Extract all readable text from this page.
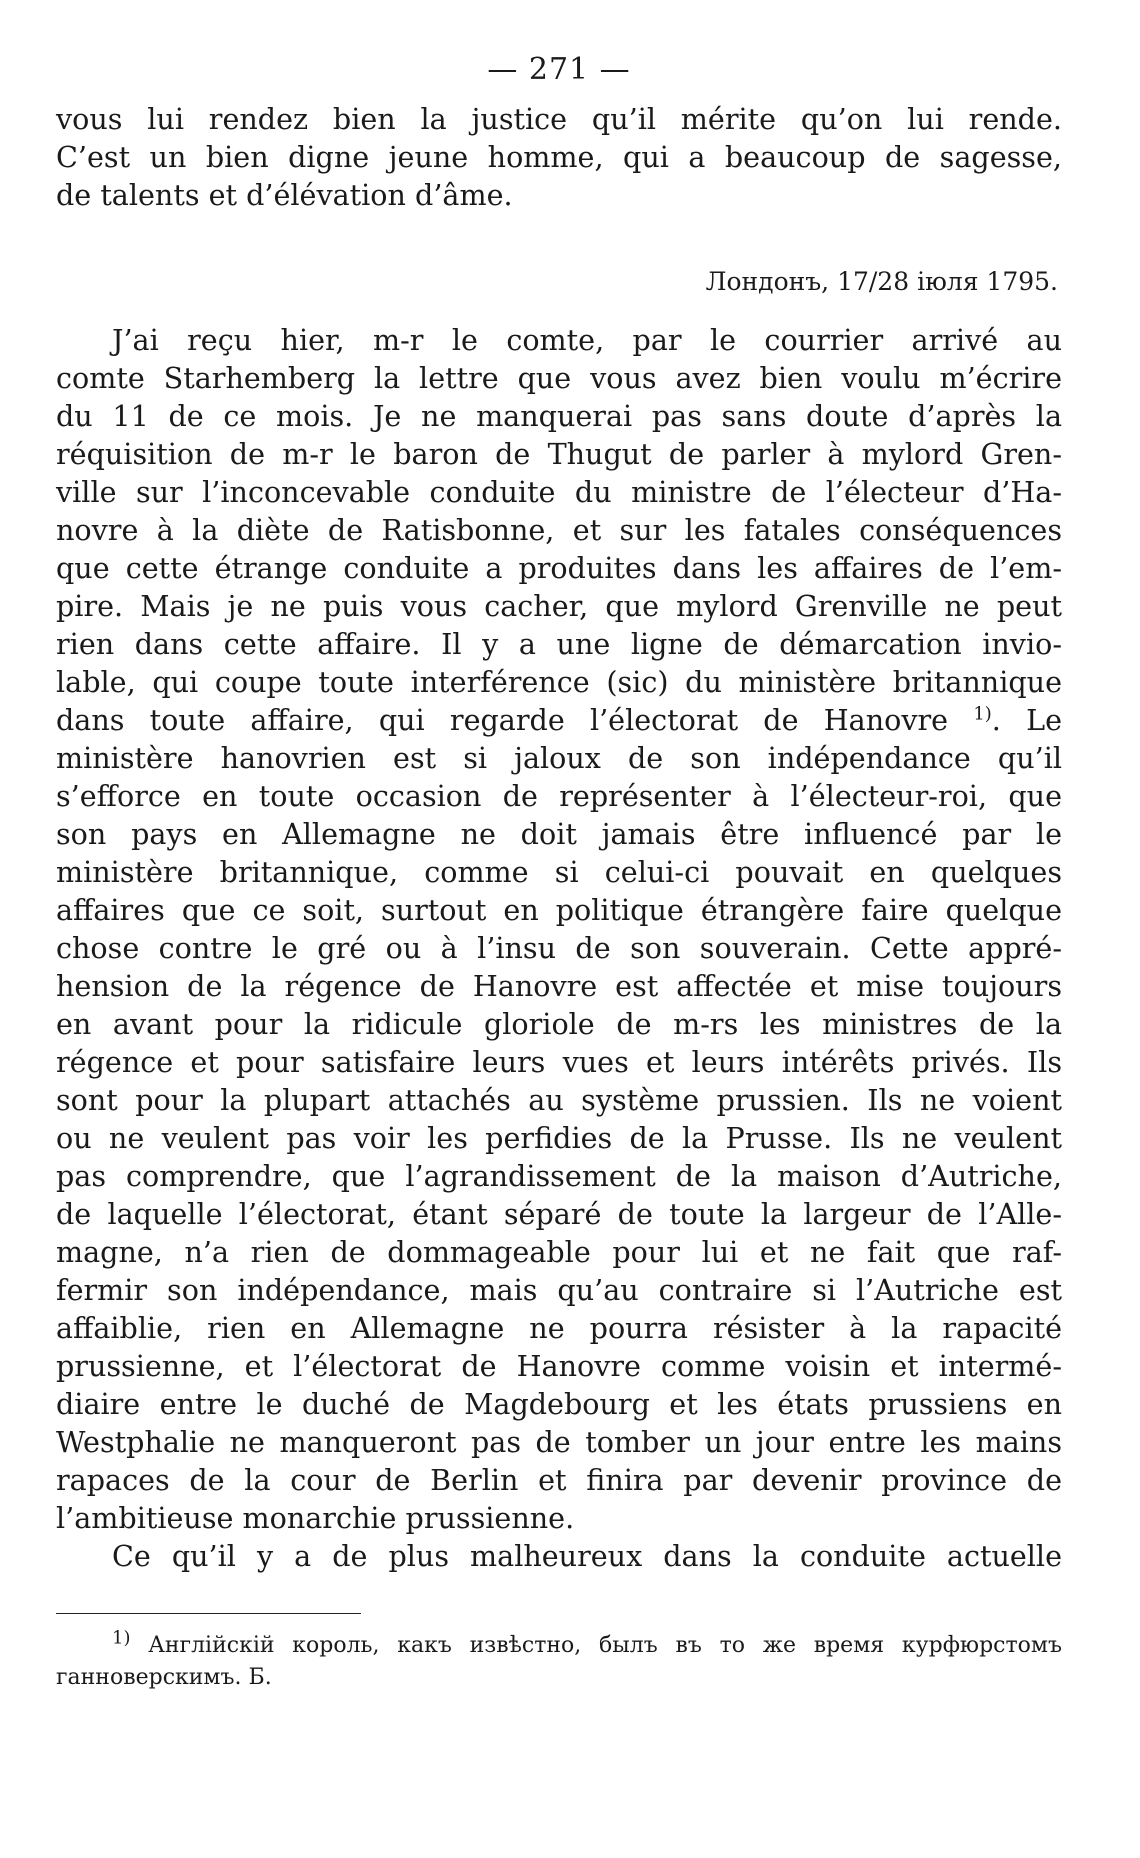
— 271 —
vous lui rendez bien la justice qu’il mérite qu’on lui rende.
C’est un bien digne jeune homme, qui a beaucoup de sagesse,
de talents et d’élévation d’âme.
Лондонъ, 17/28 іюля 1795.
J’ai reçu hier, m-r le comte, par le courrier arrivé au
comte Starhemberg la lettre que vous avez bien voulu m’écrire
du 11 de ce mois. Je ne manquerai pas sans doute d’après la
réquisition de m-r le baron de Thugut de parler à mylord Gren-
ville sur l’inconcevable conduite du ministre de l’électeur d’Ha-
novre à la diète de Ratisbonne, et sur les fatales conséquences
que cette étrange conduite a produites dans les affaires de l’em-
pire. Mais je ne puis vous cacher, que mylord Grenville ne peut
rien dans cette affaire. Il y a une ligne de démarcation invio-
lable, qui coupe toute interférence (sic) du ministère britannique
dans toute affaire, qui regarde l’électorat de Hanovre $^{1)}$. Le
ministère hanovrien est si jaloux de son indépendance qu’il
s’efforce en toute occasion de représenter à l’électeur-roi, que
son pays en Allemagne ne doit jamais être influencé par le
ministère britannique, comme si celui-ci pouvait en quelques
affaires que ce soit, surtout en politique étrangère faire quelque
chose contre le gré ou à l’insu de son souverain. Cette appré-
hension de la régence de Hanovre est affectée et mise toujours
en avant pour la ridicule gloriole de m-rs les ministres de la
régence et pour satisfaire leurs vues et leurs intérêts privés. Ils
sont pour la plupart attachés au système prussien. Ils ne voient
ou ne veulent pas voir les perfidies de la Prusse. Ils ne veulent
pas comprendre, que l’agrandissement de la maison d’Autriche,
de laquelle l’électorat, étant séparé de toute la largeur de l’Alle-
magne, n’a rien de dommageable pour lui et ne fait que raf-
fermir son indépendance, mais qu’au contraire si l’Autriche est
affaiblie, rien en Allemagne ne pourra résister à la rapacité
prussienne, et l’électorat de Hanovre comme voisin et intermé-
diaire entre le duché de Magdebourg et les états prussiens en
Westphalie ne manqueront pas de tomber un jour entre les mains
rapaces de la cour de Berlin et finira par devenir province de
l’ambitieuse monarchie prussienne.
Ce qu’il y a de plus malheureux dans la conduite actuelle
$^{1)}$ Англійскій король, какъ извѣстно, былъ въ то же время курфюрстомъ
ганноверскимъ. Б.
